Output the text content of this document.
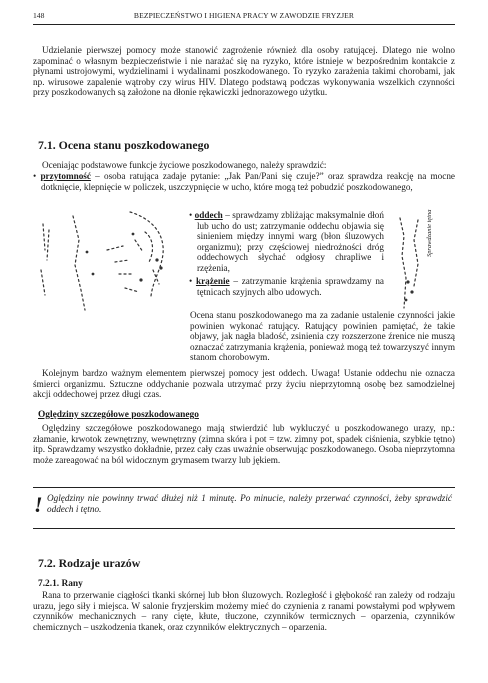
148	BEZPIECZEŃSTWO I HIGIENA PRACY W ZAWODZIE FRYZJER

Udzielanie pierwszej pomocy może stanowić zagrożenie również dla osoby ratującej. Dlatego nie wolno zapominać o własnym bezpieczeństwie i nie narażać się na ryzyko, które istnieje w bezpośrednim kontakcie z płynami ustrojowymi, wydzielinami i wydalinami poszkodowanego. To ryzyko zarażenia takimi chorobami, jak np. wirusowe zapalenie wątroby czy wirus HIV. Dlatego podstawą podczas wykonywania wszelkich czynności przy poszkodowanych są założone na dłonie rękawiczki jednorazowego użytku.

7.1. Ocena stanu poszkodowanego

Oceniając podstawowe funkcje życiowe poszkodowanego, należy sprawdzić:

• przytomność – osoba ratująca zadaje pytanie: „Jak Pan/Pani się czuje?” oraz sprawdza reakcję na mocne dotknięcie, klepnięcie w policzek, uszczypnięcie w ucho, które mogą też pobudzić poszkodowanego,
• oddech – sprawdzamy zbliżając maksymalnie dłoń lub ucho do ust; zatrzymanie oddechu objawia się sinieniem między innymi warg (błon śluzowych organizmu); przy częściowej niedrożności dróg oddechowych słychać odgłosy chrapliwe i rzężenia,
• krążenie – zatrzymanie krążenia sprawdzamy na tętnicach szyjnych albo udowych.
Sprawdzanie tętna

Ocena stanu poszkodowanego ma za zadanie ustalenie czynności jakie powinien wykonać ratujący. Ratujący powinien pamiętać, że takie objawy, jak nagła bladość, zsinienia czy rozszerzone źrenice nie muszą oznaczać zatrzymania krążenia, ponieważ mogą też towarzyszyć innym stanom chorobowym.

Kolejnym bardzo ważnym elementem pierwszej pomocy jest oddech. Uwaga! Ustanie oddechu nie oznacza śmierci organizmu. Sztuczne oddychanie pozwala utrzymać przy życiu nieprzytomną osobę bez samodzielnej akcji oddechowej przez długi czas.

Oględziny szczegółowe poszkodowanego

Oględziny szczegółowe poszkodowanego mają stwierdzić lub wykluczyć u poszkodowanego urazy, np.: złamanie, krwotok zewnętrzny, wewnętrzny (zimna skóra i pot = tzw. zimny pot, spadek ciśnienia, szybkie tętno) itp. Sprawdzamy wszystko dokładnie, przez cały czas uważnie obserwując poszkodowanego. Osoba nieprzytomna może zareagować na ból widocznym grymasem twarzy lub jękiem.

! Oględziny nie powinny trwać dłużej niż 1 minutę. Po minucie, należy przerwać czynności, żeby sprawdzić oddech i tętno.

7.2. Rodzaje urazów
7.2.1. Rany

Rana to przerwanie ciągłości tkanki skórnej lub błon śluzowych. Rozległość i głębokość ran zależy od rodzaju urazu, jego siły i miejsca. W salonie fryzjerskim możemy mieć do czynienia z ranami powstałymi pod wpływem czynników mechanicznych – rany cięte, kłute, tłuczone, czynników termicznych – oparzenia, czynników chemicznych – uszkodzenia tkanek, oraz czynników elektrycznych – oparzenia.
